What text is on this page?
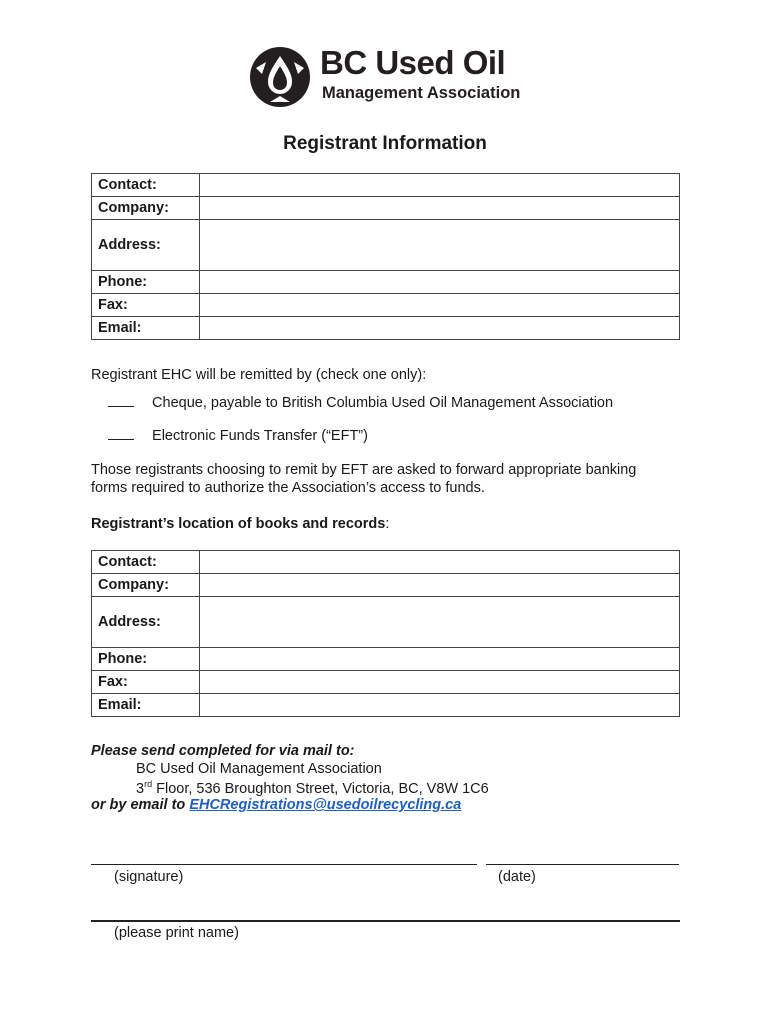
BC Used Oil
Management Association
Registrant Information
Contact:	
Company:	
Address:	
Phone:	
Fax:	
Email:	
Registrant EHC will be remitted by (check one only):
Cheque, payable to British Columbia Used Oil Management Association
Electronic Funds Transfer (“EFT”)
Those registrants choosing to remit by EFT are asked to forward appropriate banking
forms required to authorize the Association’s access to funds.
Registrant’s location of books and records:
Contact:	
Company:	
Address:	
Phone:	
Fax:	
Email:	
Please send completed for via mail to:
BC Used Oil Management Association
3rd Floor, 536 Broughton Street, Victoria, BC, V8W 1C6
or by email to EHCRegistrations@usedoilrecycling.ca
(signature)	(date)
(please print name)
